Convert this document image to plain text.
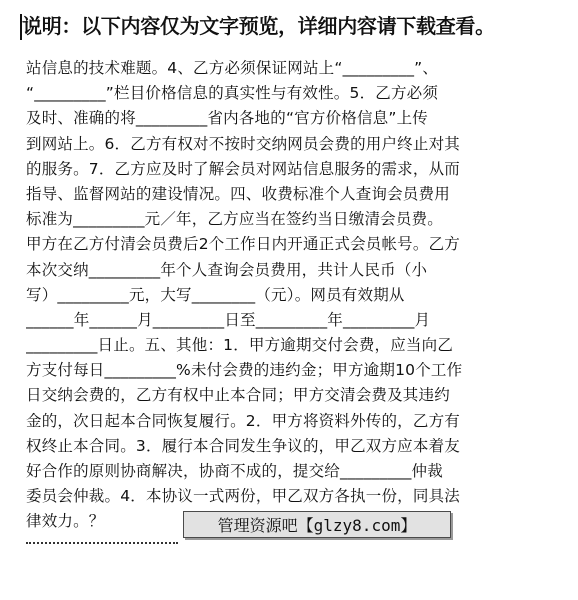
说明：以下内容仅为文字预览，详细内容请下载查看。
站信息的技术难题。4、乙方必须保证网站上“_________”、
“_________”栏目价格信息的真实性与有效性。5．乙方必须
及时、准确的将_________省内各地的“官方价格信息”上传
到网站上。6．乙方有权对不按时交纳网员会费的用户终止对其
的服务。7．乙方应及时了解会员对网站信息服务的需求，从而
指导、监督网站的建设情况。四、收费标准个人查询会员费用
标准为_________元／年，乙方应当在签约当日缴清会员费。
甲方在乙方付清会员费后2个工作日内开通正式会员帐号。乙方
本次交纳_________年个人查询会员费用，共计人民币（小
写）_________元，大写________（元）。网员有效期从
______年______月_________日至_________年_________月
_________日止。五、其他：1．甲方逾期交付会费，应当向乙
方支付每日_________%未付会费的违约金；甲方逾期10个工作
日交纳会费的，乙方有权中止本合同；甲方交清会费及其违约
金的，次日起本合同恢复履行。2．甲方将资料外传的，乙方有
权终止本合同。3．履行本合同发生争议的，甲乙双方应本着友
好合作的原则协商解决，协商不成的，提交给_________仲裁
委员会仲裁。4．本协议一式两份，甲乙双方各执一份，同具法
律效力。？	管理资源吧【glzy8.com】
